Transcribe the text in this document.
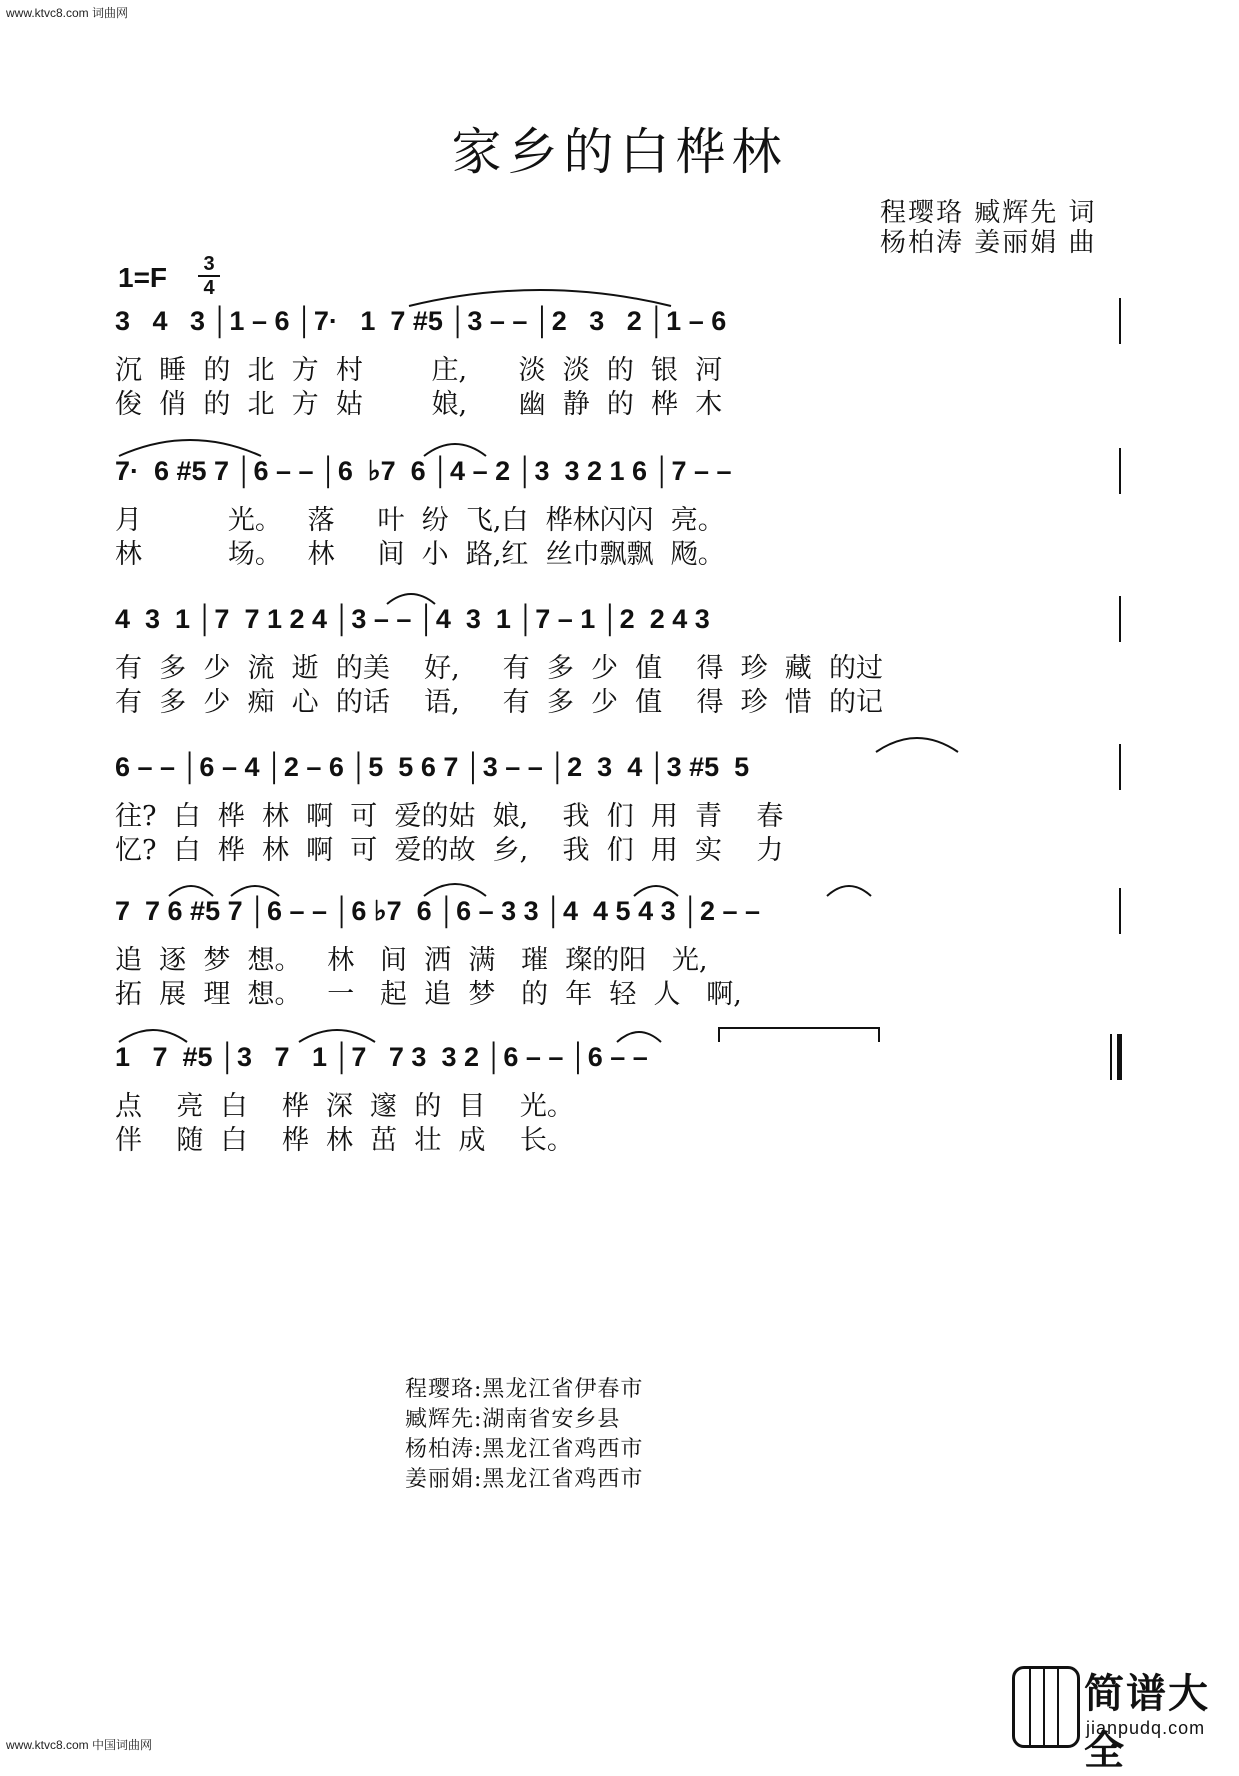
www.ktvc8.com 词曲网
www.ktvc8.com 中国词曲网
家乡的白桦林
程璎珞 臧辉先 词
杨柏涛 姜丽娟 曲
1=F 3
4
3   4   3 │1 – 6 │7·   1  7 #5 │3 – – │2   3   2 │1 – 6
沉  睡  的  北  方  村        庄,      淡  淡  的  银  河
俊  俏  的  北  方  姑        娘,      幽  静  的  桦  木
7·  6 #5 7 │6 – – │6  ♭7  6 │4 – 2 │3  3 2 1 6 │7 – –
月          光。   落     叶  纷  飞,白  桦林闪闪  亮。
林          场。   林     间  小  路,红  丝巾飘飘  飏。
4  3  1 │7  7 1 2 4 │3 – – │4  3  1 │7 – 1 │2  2 4 3
有  多  少  流  逝  的美    好,     有  多  少  值    得  珍  藏  的过
有  多  少  痴  心  的话    语,     有  多  少  值    得  珍  惜  的记
6 – – │6 – 4 │2 – 6 │5  5 6 7 │3 – – │2  3  4 │3 #5  5
往?  白  桦  林  啊  可  爱的姑  娘,    我  们  用  青    春
忆?  白  桦  林  啊  可  爱的故  乡,    我  们  用  实    力
7  7 6 #5 7 │6 – – │6 ♭7  6 │6 – 3 3 │4  4 5 4 3 │2 – –
追  逐  梦  想。   林   间  洒  满   璀  璨的阳   光,
拓  展  理  想。   一   起  追  梦   的  年  轻  人   啊,
1   7  #5 │3   7   1 │7   7 3  3 2 │6 – – │6 – –
点    亮  白    桦  深  邃  的  目    光。
伴    随  白    桦  林  茁  壮  成    长。
程璎珞:黑龙江省伊春市
臧辉先:湖南省安乡县
杨柏涛:黑龙江省鸡西市
姜丽娟:黑龙江省鸡西市
简谱大全
jianpudq.com
